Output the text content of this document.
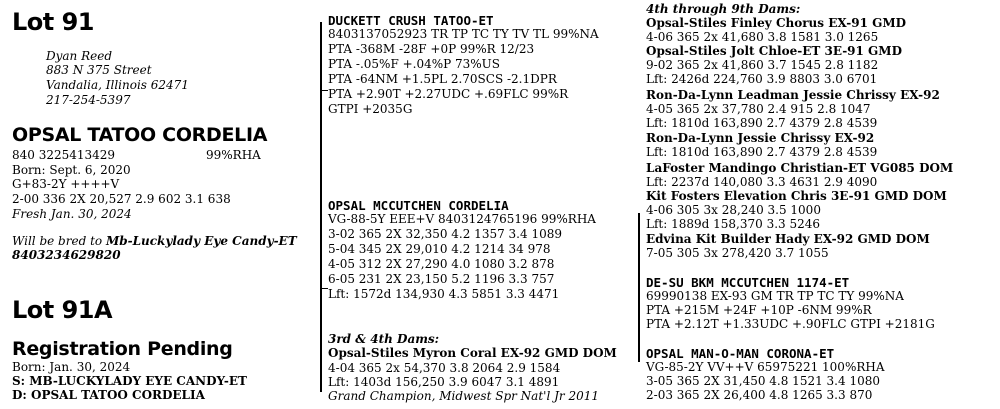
Lot 91
Dyan Reed
883 N 375 Street
Vandalia, Illinois 62471
217-254-5397
OPSAL TATOO CORDELIA
840 3225413429	99%RHA
Born: Sept. 6, 2020
G+83-2Y ++++V
2-00 336 2X 20,527 2.9 602 3.1 638
Fresh Jan. 30, 2024
Will be bred to Mb-Luckylady Eye Candy-ET
8403234629820
Lot 91A
Registration Pending
Born: Jan. 30, 2024
S: MB-LUCKYLADY EYE CANDY-ET
D: OPSAL TATOO CORDELIA
DUCKETT CRUSH TATOO-ET
8403137052923 TR TP TC TY TV TL 99%NA
PTA -368M -28F +0P 99%R 12/23
PTA -.05%F +.04%P 73%US
PTA -64NM +1.5PL 2.70SCS -2.1DPR
PTA +2.90T +2.27UDC +.69FLC 99%R
GTPI +2035G
OPSAL MCCUTCHEN CORDELIA
VG-88-5Y EEE+V 8403124765196 99%RHA
3-02 365 2X 32,350 4.2 1357 3.4 1089
5-04 345 2X 29,010 4.2 1214 34 978
4-05 312 2X 27,290 4.0 1080 3.2 878
6-05 231 2X 23,150 5.2 1196 3.3 757
Lft: 1572d 134,930 4.3 5851 3.3 4471
3rd & 4th Dams:
Opsal-Stiles Myron Coral EX-92 GMD DOM
4-04 365 2x 54,370 3.8 2064 2.9 1584
Lft: 1403d 156,250 3.9 6047 3.1 4891
Grand Champion, Midwest Spr Nat'l Jr 2011
4th through 9th Dams:
Opsal-Stiles Finley Chorus EX-91 GMD
4-06 365 2x 41,680 3.8 1581 3.0 1265
Opsal-Stiles Jolt Chloe-ET 3E-91 GMD
9-02 365 2x 41,860 3.7 1545 2.8 1182
Lft: 2426d 224,760 3.9 8803 3.0 6701
Ron-Da-Lynn Leadman Jessie Chrissy EX-92
4-05 365 2x 37,780 2.4 915 2.8 1047
Lft: 1810d 163,890 2.7 4379 2.8 4539
Ron-Da-Lynn Jessie Chrissy EX-92
Lft: 1810d 163,890 2.7 4379 2.8 4539
LaFoster Mandingo Christian-ET VG085 DOM
Lft: 2237d 140,080 3.3 4631 2.9 4090
Kit Fosters Elevation Chris 3E-91 GMD DOM
4-06 305 3x 28,240 3.5 1000
Lft: 1889d 158,370 3.3 5246
Edvina Kit Builder Hady EX-92 GMD DOM
7-05 305 3x 278,420 3.7 1055
DE-SU BKM MCCUTCHEN 1174-ET
69990138 EX-93 GM TR TP TC TY 99%NA
PTA +215M +24F +10P -6NM 99%R
PTA +2.12T +1.33UDC +.90FLC GTPI +2181G
OPSAL MAN-O-MAN CORONA-ET
VG-85-2Y VV++V 65975221 100%RHA
3-05 365 2X 31,450 4.8 1521 3.4 1080
2-03 365 2X 26,400 4.8 1265 3.3 870
